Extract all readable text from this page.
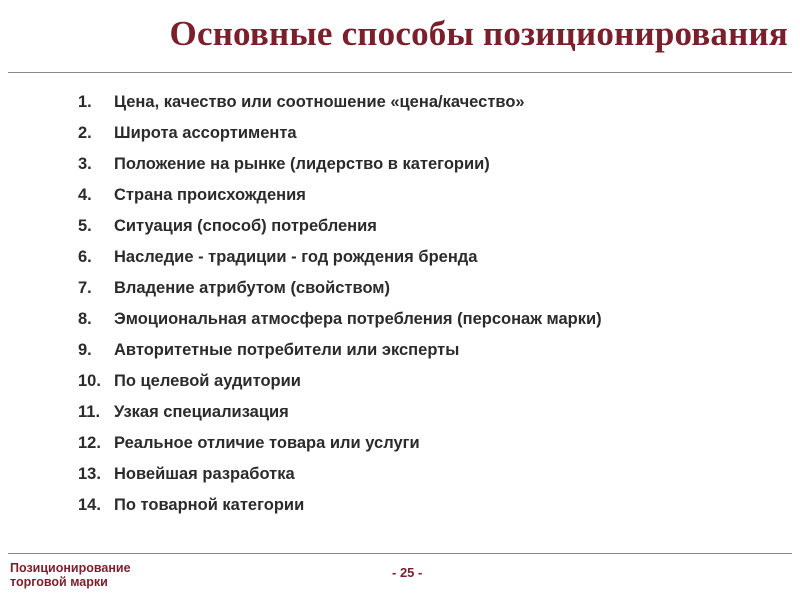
Основные способы позиционирования
1.	Цена, качество или соотношение «цена/качество»
2.	Широта ассортимента
3.	Положение на рынке (лидерство в категории)
4.	Страна происхождения
5.	Ситуация (способ) потребления
6.	Наследие - традиции - год рождения бренда
7.	Владение атрибутом (свойством)
8.	Эмоциональная атмосфера потребления (персонаж марки)
9.	Авторитетные потребители или эксперты
10. По целевой аудитории
11. Узкая специализация
12. Реальное отличие товара или услуги
13. Новейшая разработка
14. По товарной категории

Позиционирование торговой марки

- 25 -
